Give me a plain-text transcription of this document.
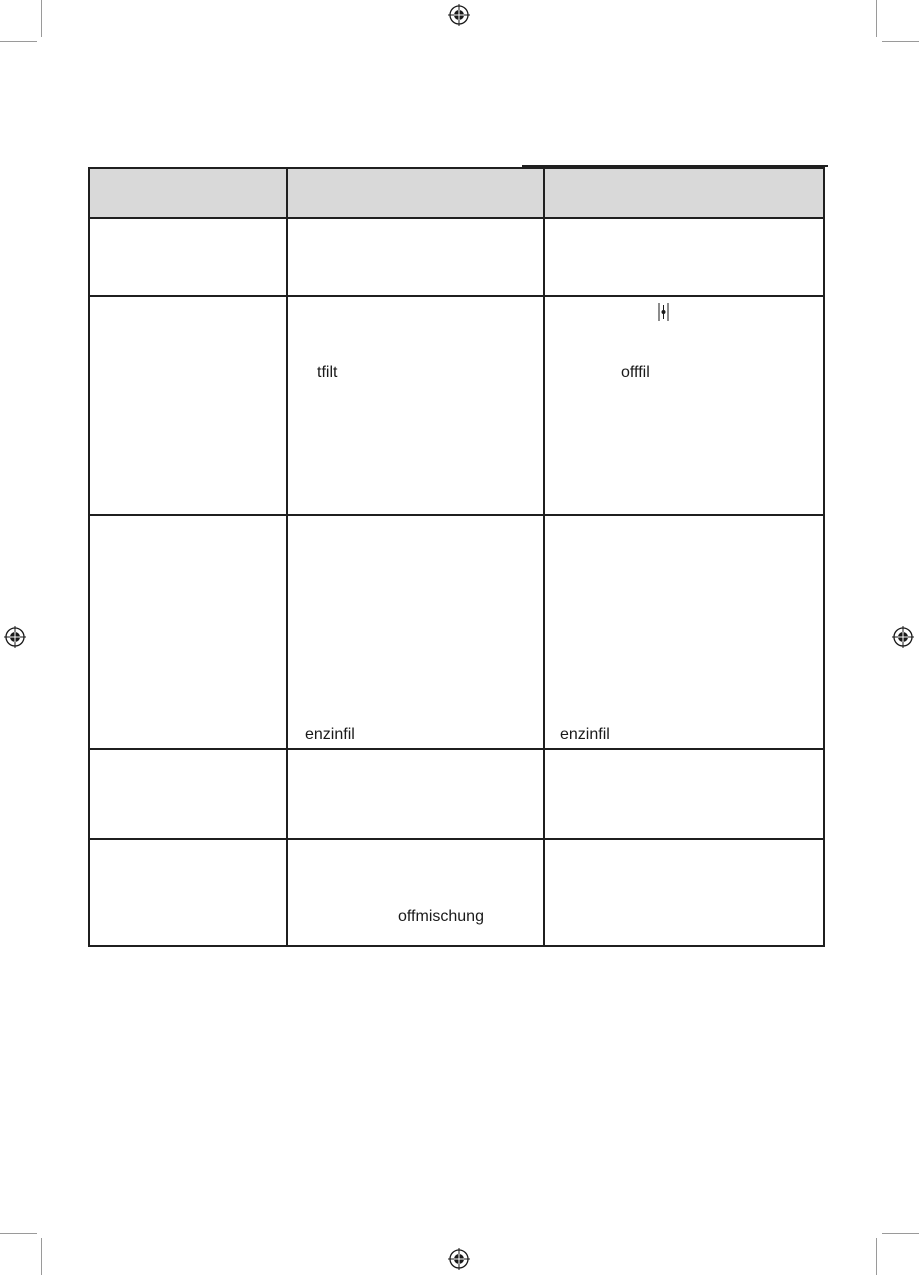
tfilt	offfil
enzinfil	enzinfil
offmischung
